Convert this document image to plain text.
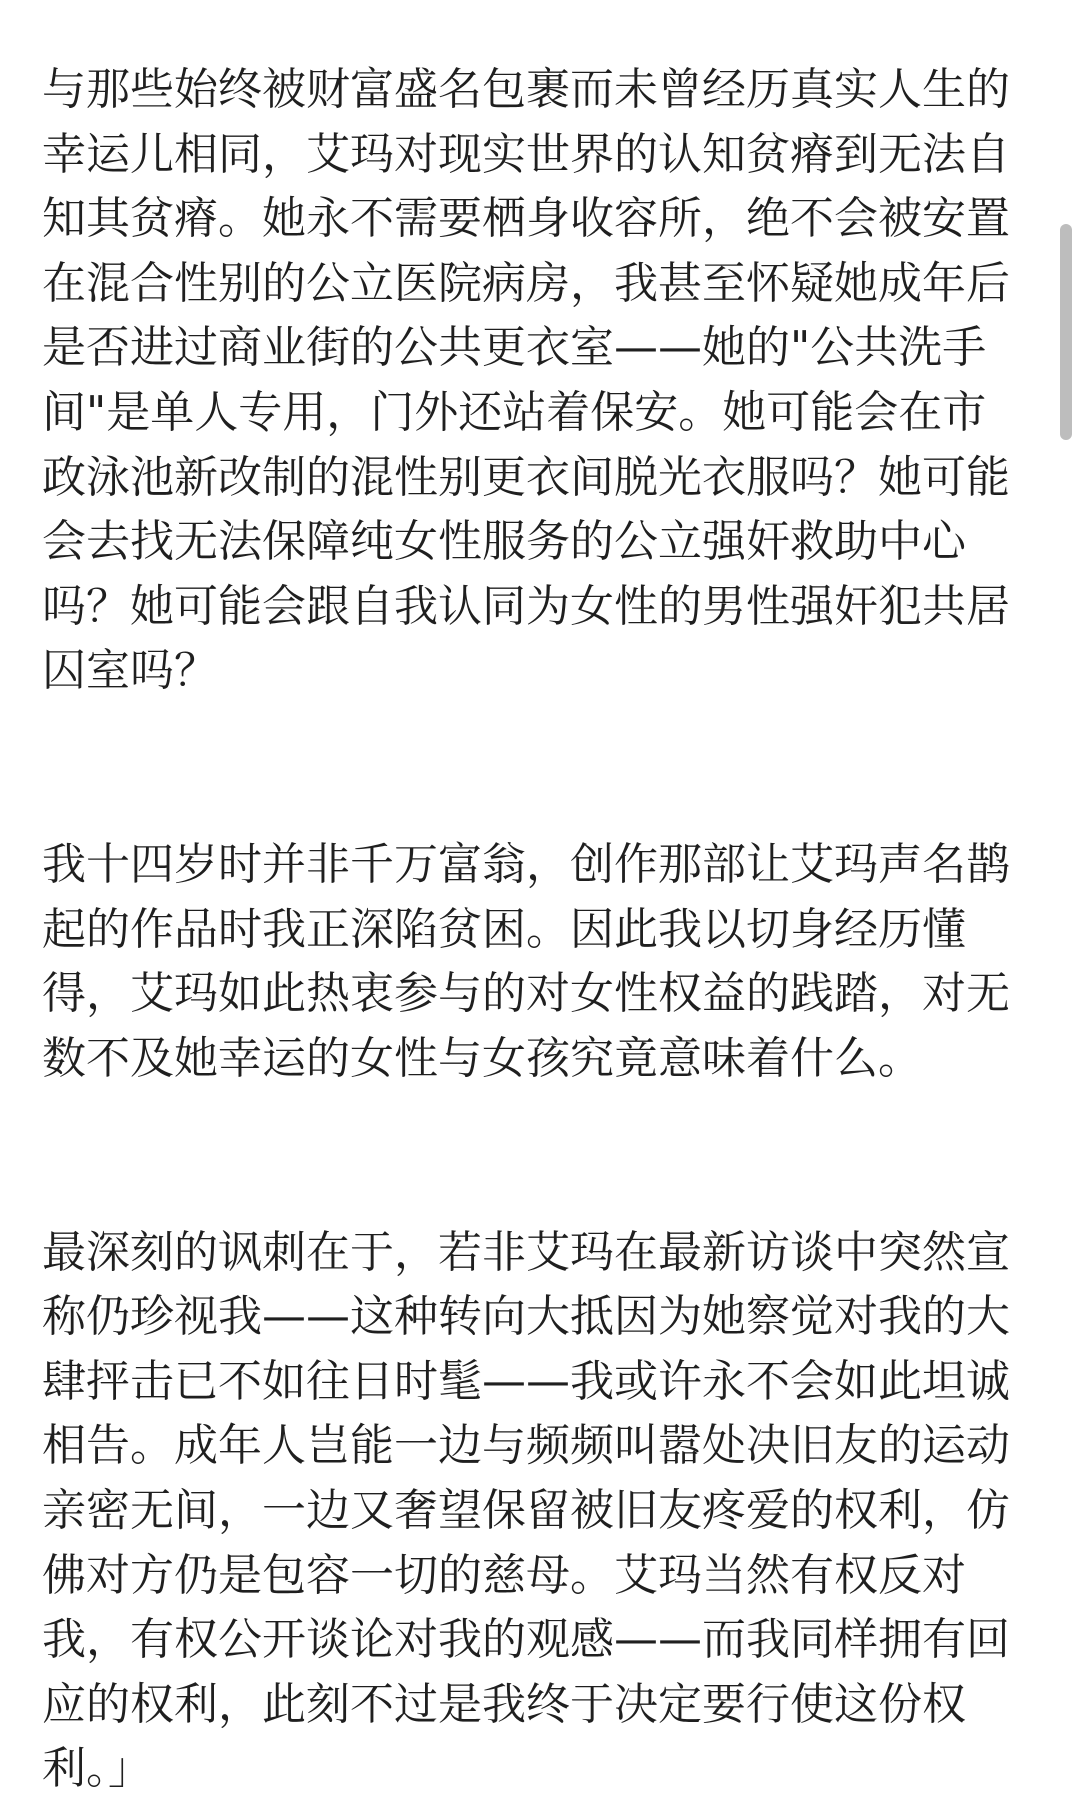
与那些始终被财富盛名包裹而未曾经历真实人生的
幸运儿相同，艾玛对现实世界的认知贫瘠到无法自
知其贫瘠。她永不需要栖身收容所，绝不会被安置
在混合性别的公立医院病房，我甚至怀疑她成年后
是否进过商业街的公共更衣室——她的"公共洗手
间"是单人专用，门外还站着保安。她可能会在市
政泳池新改制的混性别更衣间脱光衣服吗？她可能
会去找无法保障纯女性服务的公立强奸救助中心
吗？她可能会跟自我认同为女性的男性强奸犯共居
囚室吗？

我十四岁时并非千万富翁，创作那部让艾玛声名鹊
起的作品时我正深陷贫困。因此我以切身经历懂
得，艾玛如此热衷参与的对女性权益的践踏，对无
数不及她幸运的女性与女孩究竟意味着什么。

最深刻的讽刺在于，若非艾玛在最新访谈中突然宣
称仍珍视我——这种转向大抵因为她察觉对我的大
肆抨击已不如往日时髦——我或许永不会如此坦诚
相告。成年人岂能一边与频频叫嚣处决旧友的运动
亲密无间，一边又奢望保留被旧友疼爱的权利，仿
佛对方仍是包容一切的慈母。艾玛当然有权反对
我，有权公开谈论对我的观感——而我同样拥有回
应的权利，此刻不过是我终于决定要行使这份权
利。」
